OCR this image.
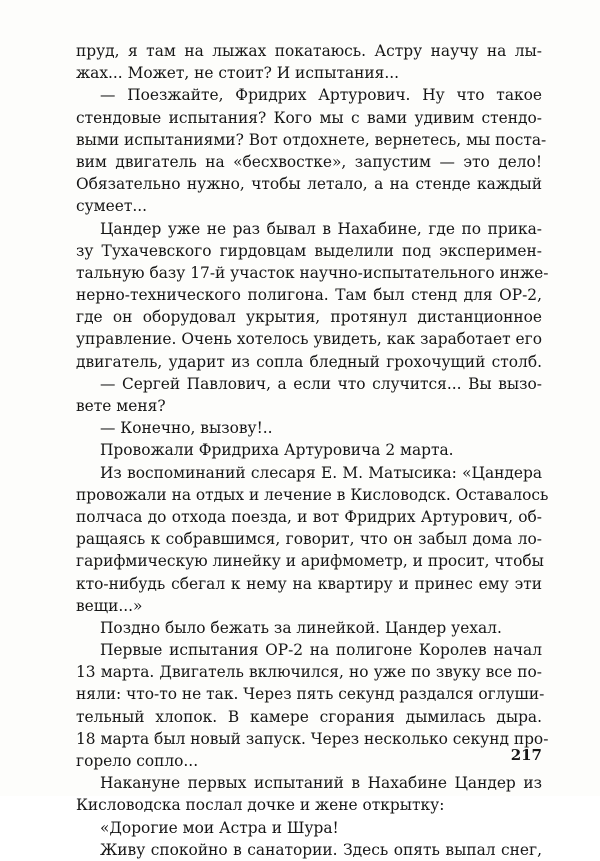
пруд, я там на лыжах покатаюсь. Астру научу на лы-
жах... Может, не стоит? И испытания...
— Поезжайте, Фридрих Артурович. Ну что такое
стендовые испытания? Кого мы с вами удивим стендо-
выми испытаниями? Вот отдохнете, вернетесь, мы поста-
вим двигатель на «бесхвостке», запустим — это дело!
Обязательно нужно, чтобы летало, а на стенде каждый
сумеет...
Цандер уже не раз бывал в Нахабине, где по прика-
зу Тухачевского гирдовцам выделили под эксперимен-
тальную базу 17-й участок научно-испытательного инже-
нерно-технического полигона. Там был стенд для ОР-2,
где он оборудовал укрытия, протянул дистанционное
управление. Очень хотелось увидеть, как заработает его
двигатель, ударит из сопла бледный грохочущий столб.
— Сергей Павлович, а если что случится... Вы вызо-
вете меня?
— Конечно, вызову!..
Провожали Фридриха Артуровича 2 марта.
Из воспоминаний слесаря Е. М. Матысика: «Цандера
провожали на отдых и лечение в Кисловодск. Оставалось
полчаса до отхода поезда, и вот Фридрих Артурович, об-
ращаясь к собравшимся, говорит, что он забыл дома ло-
гарифмическую линейку и арифмометр, и просит, чтобы
кто-нибудь сбегал к нему на квартиру и принес ему эти
вещи...»
Поздно было бежать за линейкой. Цандер уехал.
Первые испытания ОР-2 на полигоне Королев начал
13 марта. Двигатель включился, но уже по звуку все по-
няли: что-то не так. Через пять секунд раздался оглуши-
тельный хлопок. В камере сгорания дымилась дыра.
18 марта был новый запуск. Через несколько секунд про-
горело сопло...
Накануне первых испытаний в Нахабине Цандер из
Кисловодска послал дочке и жене открытку:
«Дорогие мои Астра и Шура!
Живу спокойно в санатории. Здесь опять выпал снег,
217
